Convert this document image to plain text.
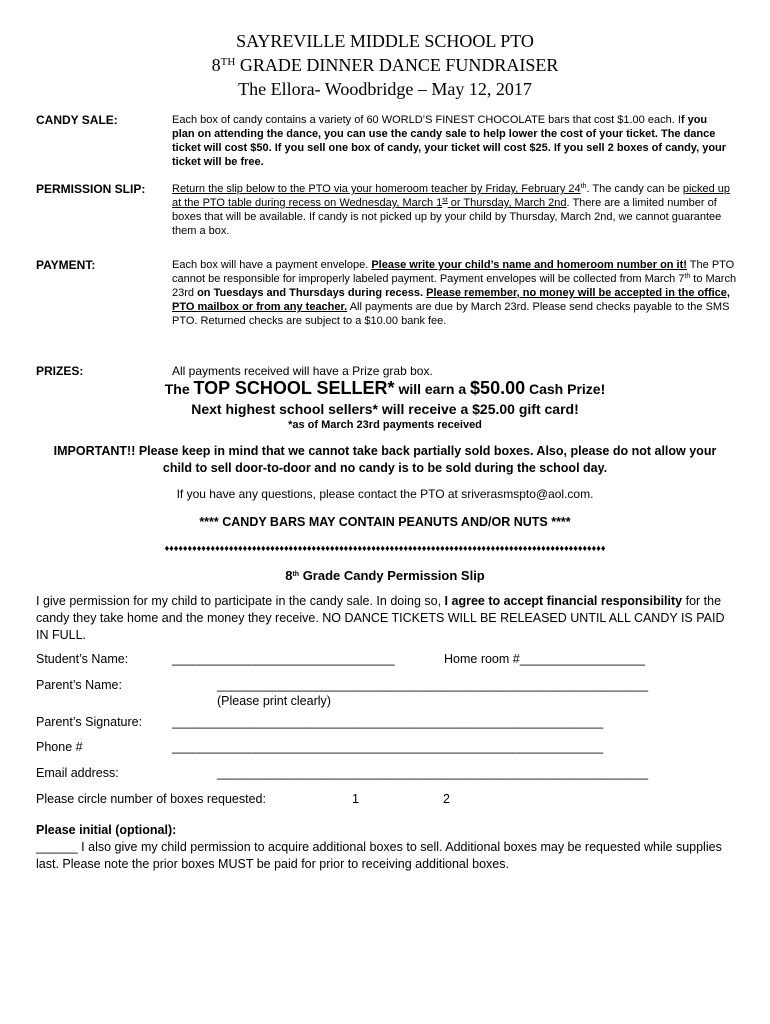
SAYREVILLE MIDDLE SCHOOL PTO
8TH GRADE DINNER DANCE FUNDRAISER
The Ellora- Woodbridge – May 12, 2017
CANDY SALE:	Each box of candy contains a variety of 60 WORLD’S FINEST CHOCOLATE bars that cost $1.00 each. If you plan on attending the dance, you can use the candy sale to help lower the cost of your ticket. The dance ticket will cost $50. If you sell one box of candy, your ticket will cost $25. If you sell 2 boxes of candy, your ticket will be free.
PERMISSION SLIP: Return the slip below to the PTO via your homeroom teacher by Friday, February 24th. The candy can be picked up at the PTO table during recess on Wednesday, March 1st or Thursday, March 2nd. There are a limited number of boxes that will be available. If candy is not picked up by your child by Thursday, March 2nd, we cannot guarantee them a box.
PAYMENT:	Each box will have a payment envelope. Please write your child’s name and homeroom number on it! The PTO cannot be responsible for improperly labeled payment. Payment envelopes will be collected from March 7th to March 23rd on Tuesdays and Thursdays during recess. Please remember, no money will be accepted in the office, PTO mailbox or from any teacher. All payments are due by March 23rd. Please send checks payable to the SMS PTO. Returned checks are subject to a $10.00 bank fee.
PRIZES:	All payments received will have a Prize grab box.
The TOP SCHOOL SELLER* will earn a $50.00 Cash Prize!
Next highest school sellers* will receive a $25.00 gift card!
*as of March 23rd payments received
IMPORTANT!! Please keep in mind that we cannot take back partially sold boxes. Also, please do not allow your child to sell door-to-door and no candy is to be sold during the school day.
If you have any questions, please contact the PTO at sriverasmspto@aol.com.
**** CANDY BARS MAY CONTAIN PEANUTS AND/OR NUTS ****
♦♦♦♦♦♦♦♦♦♦♦♦♦♦♦♦♦♦♦♦♦♦♦♦♦♦♦♦♦♦♦♦♦♦♦♦♦♦♦♦♦♦♦♦♦♦♦♦♦♦♦♦♦♦♦♦♦♦♦♦♦♦♦♦♦♦♦♦♦♦♦♦♦♦♦♦♦♦♦♦♦♦♦♦♦♦♦♦♦♦♦♦♦♦♦♦
8th Grade Candy Permission Slip
I give permission for my child to participate in the candy sale. In doing so, I agree to accept financial responsibility for the candy they take home and the money they receive. NO DANCE TICKETS WILL BE RELEASED UNTIL ALL CANDY IS PAID IN FULL.
Student’s Name:	________________________________	Home room #__________________
Parent’s Name:	______________________________________________________________
(Please print clearly)
Parent’s Signature: ______________________________________________________________
Phone #	______________________________________________________________
Email address:	______________________________________________________________
Please circle number of boxes requested:	1	2
Please initial (optional):
______ I also give my child permission to acquire additional boxes to sell. Additional boxes may be requested while supplies last. Please note the prior boxes MUST be paid for prior to receiving additional boxes.
